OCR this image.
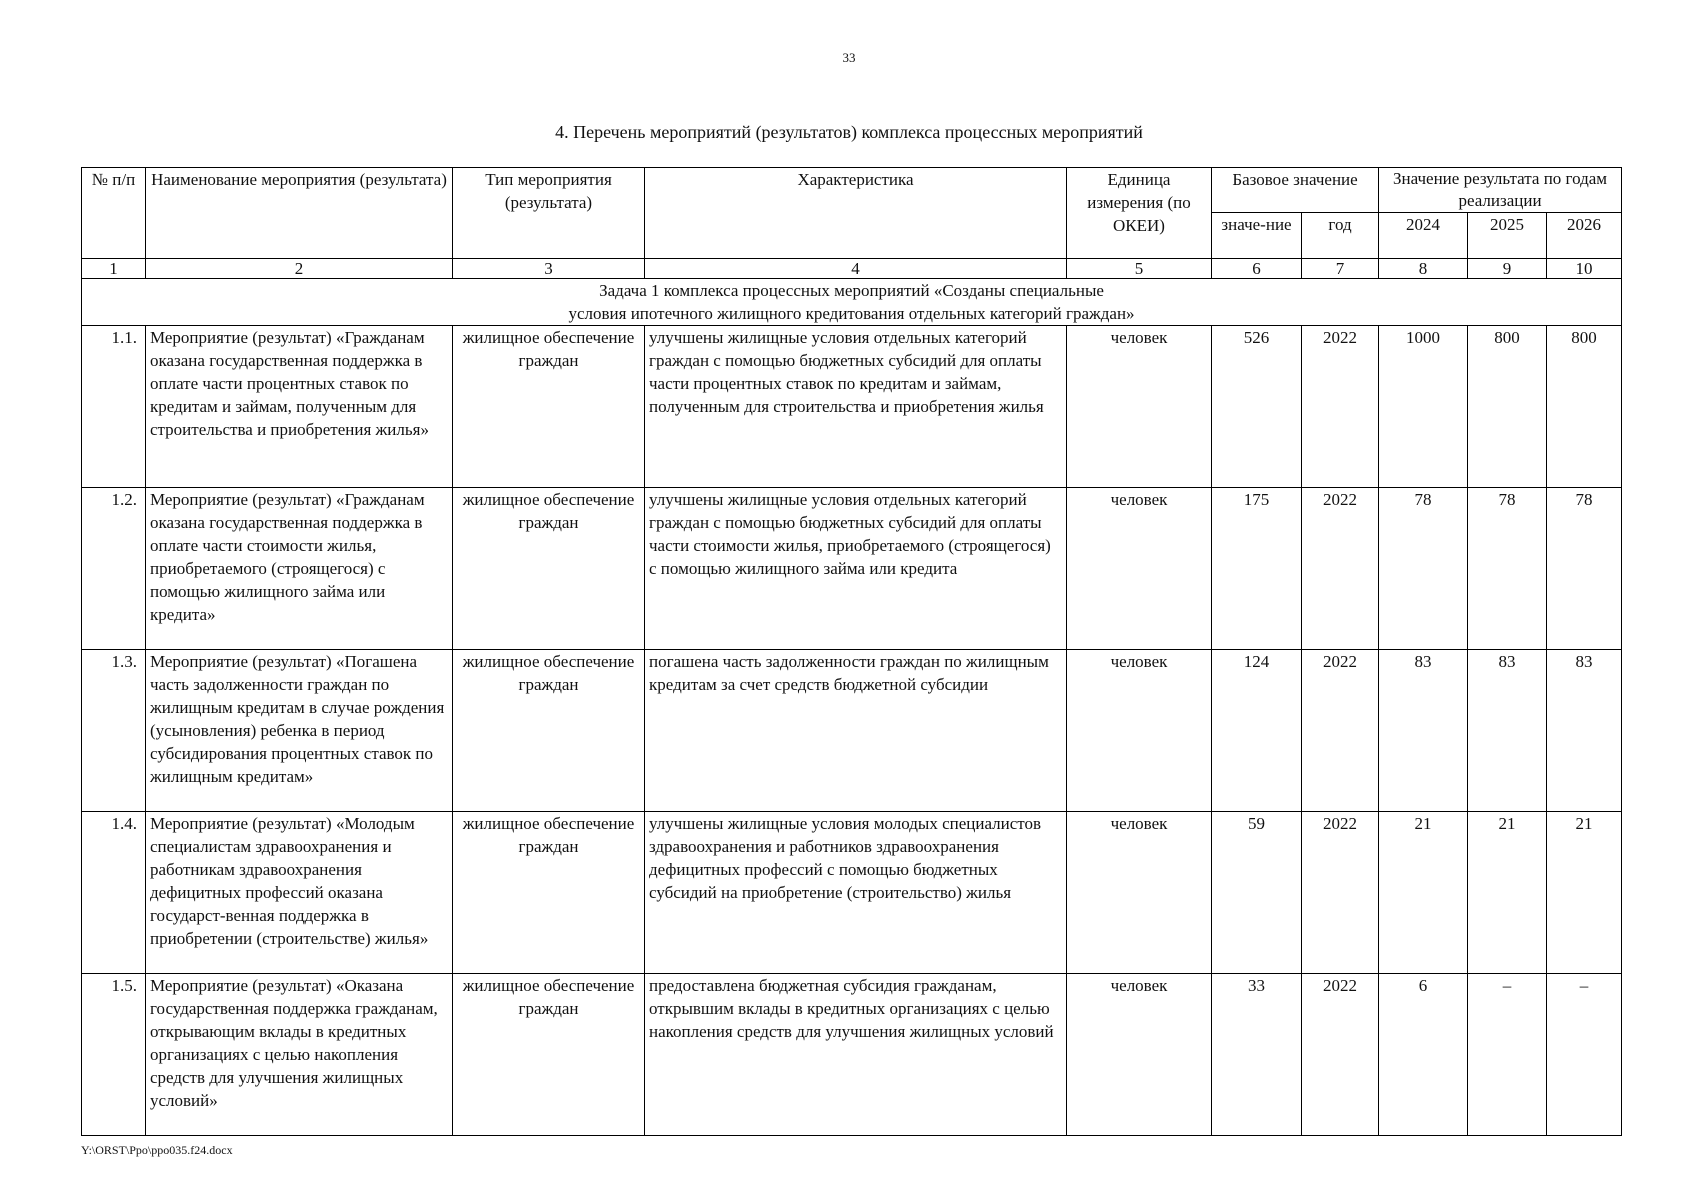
33
4. Перечень мероприятий (результатов) комплекса процессных мероприятий
№ п/п	Наименование мероприятия (результата)	Тип мероприятия (результата)	Характеристика	Единица измерения (по ОКЕИ)	Базовое значение		Значение результата по годам реализации		
					значе-ние	год	2024	2025	2026
1	2	3	4	5	6	7	8	9	10

Задача 1 комплекса процессных мероприятий «Созданы специальные
условия ипотечного жилищного кредитования отдельных категорий граждан»									

1.1.	Мероприятие (результат) «Гражданам оказана государственная поддержка в оплате части процентных ставок по кредитам и займам, полученным для строительства и приобретения жилья»	жилищное обеспечение граждан	улучшены жилищные условия отдельных категорий граждан с помощью бюджетных субсидий для оплаты части процентных ставок по кредитам и займам, полученным для строительства и приобретения жилья	человек	526	2022	1000	800	800
1.2.	Мероприятие (результат) «Гражданам оказана государственная поддержка в оплате части стоимости жилья, приобретаемого (строящегося) с помощью жилищного займа или кредита»	жилищное обеспечение граждан	улучшены жилищные условия отдельных категорий граждан с помощью бюджетных субсидий для оплаты части стоимости жилья, приобретаемого (строящегося) с помощью жилищного займа или кредита	человек	175	2022	78	78	78
1.3.	Мероприятие (результат) «Погашена часть задолженности граждан по жилищным кредитам в случае рождения (усыновления) ребенка в период субсидирования процентных ставок по жилищным кредитам»	жилищное обеспечение граждан	погашена часть задолженности граждан по жилищным кредитам за счет средств бюджетной субсидии	человек	124	2022	83	83	83
1.4.	Мероприятие (результат) «Молодым специалистам здравоохранения и работникам здравоохранения дефицитных профессий оказана государст-венная поддержка в приобретении (строительстве) жилья»	жилищное обеспечение граждан	улучшены жилищные условия молодых специалистов здравоохранения и работников здравоохранения дефицитных профессий с помощью бюджетных субсидий на приобретение (строительство) жилья	человек	59	2022	21	21	21
1.5.	Мероприятие (результат) «Оказана государственная поддержка гражданам, открывающим вклады в кредитных организациях с целью накопления средств для улучшения жилищных условий»	жилищное обеспечение граждан	предоставлена бюджетная субсидия гражданам, открывшим вклады в кредитных организациях с целью накопления средств для улучшения жилищных условий	человек	33	2022	6	–	–
Y:\ORST\Ppo\ppo035.f24.docx
